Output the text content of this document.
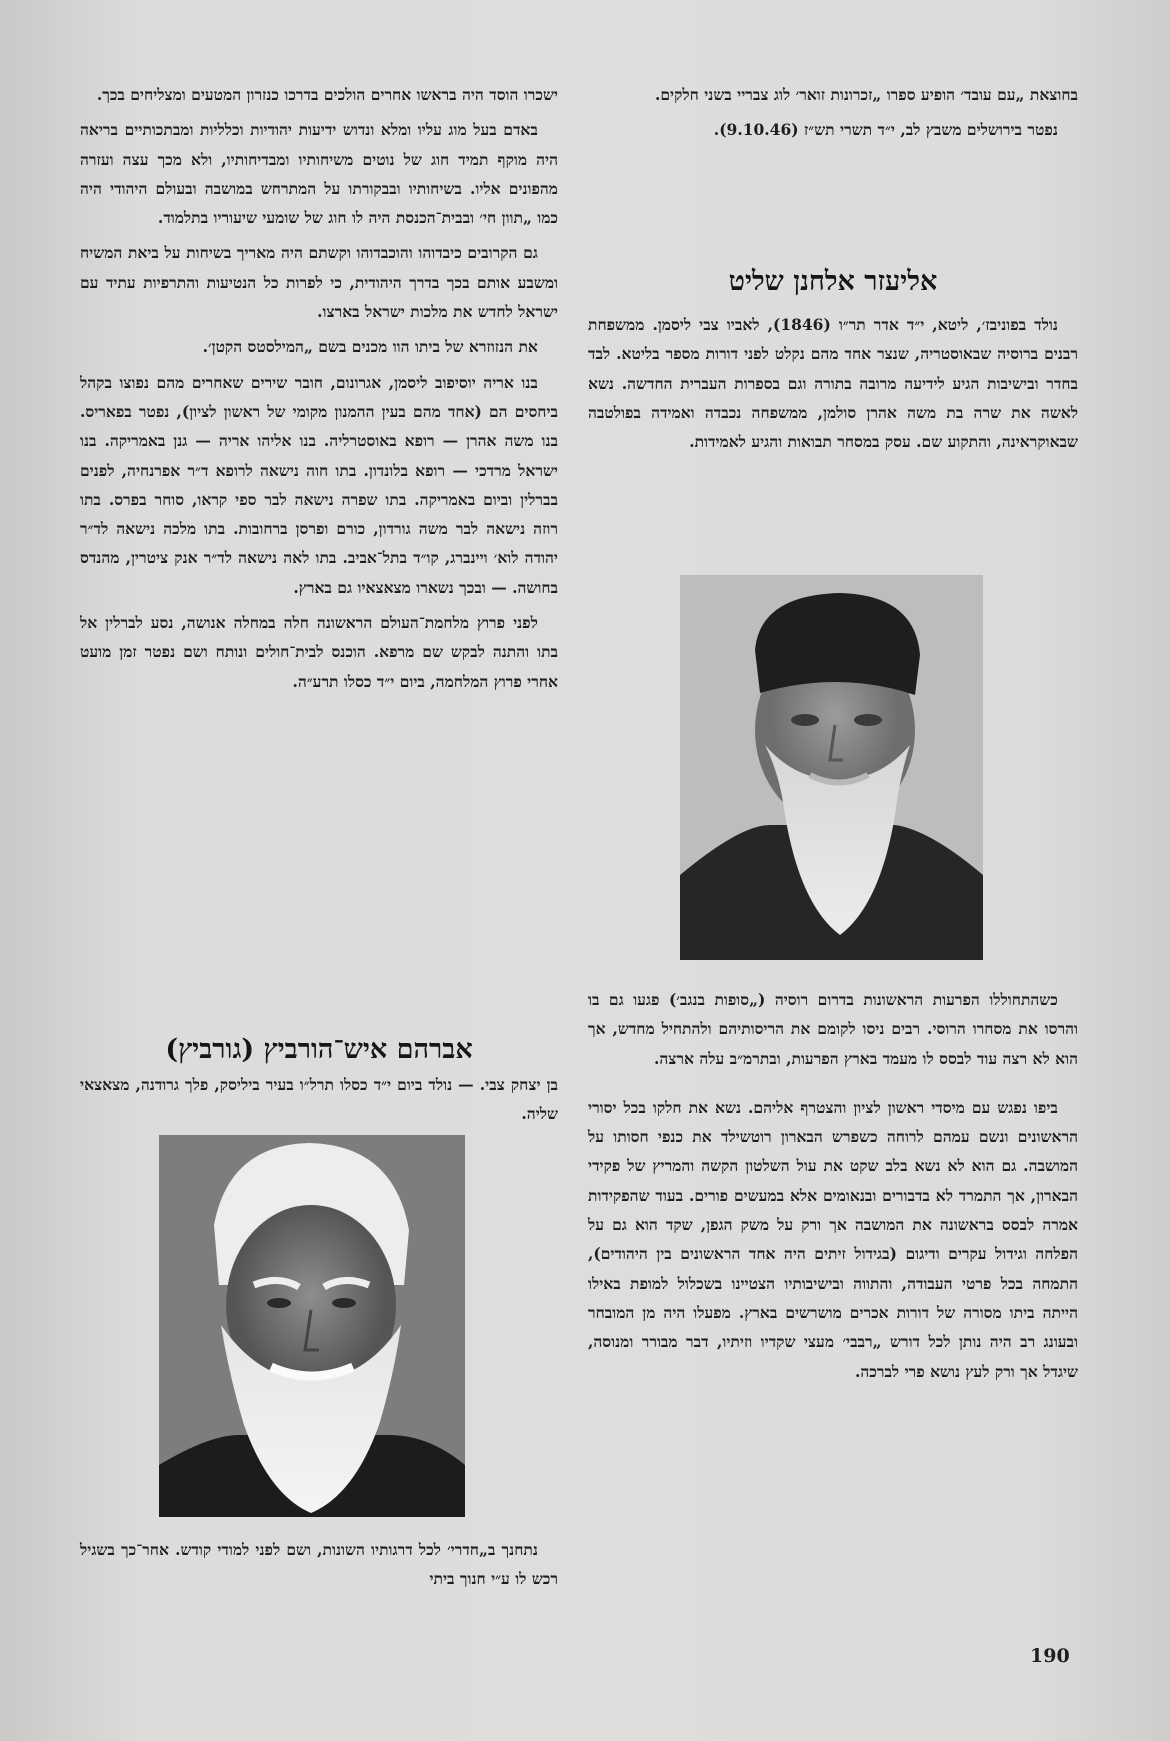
בחוצאת „עם עובד׳ הופיע ספרו „זכרונות זואר׳ לוג צבריי בשני חלקים.

נפטר בירושלים משבץ לב, י״ד תשרי תש״ז (9.10.46).

אליעזר אלחנן שליט

נולד בפוניבז׳, ליטא, י״ד אדר תר״ו (1846), לאביו צבי ליסמן. ממשפחת רבנים ברוסיה שבאוסטריה, שנצר אחד מהם נקלט לפני דורות מספר בליטא. לבד בחדר ובישיבות הגיע לידיעה מרובה בתורה וגם בספרות העברית החדשה. נשא לאשה את שרה בת משה אהרן סולמן, ממשפחה נכבדה ואמידה בפולטבה שבאוקראינה, והתקוע שם. עסק במסחר תבואות והגיע לאמידות.

כשהתחוללו הפרעות הראשונות בדרום רוסיה („סופות בנגב׳) פגעו גם בו והרסו את מסחרו הרוסי. רבים ניסו לקומם את הריסותיהם ולהתחיל מחדש, אך הוא לא רצה עוד לבסס לו מעמד בארץ הפרעות, ובתרמ״ב עלה ארצה.

ביפו נפגש עם מיסדי ראשון לציון והצטרף אליהם. נשא את חלקו בכל יסורי הראשונים ונשם עמהם לרוחה כשפרש הבארון רוטשילד את כנפי חסותו על המושבה. גם הוא לא נשא בלב שקט את עול השלטון הקשה והמריץ של פקידי הבארון, אך התמרד לא בדבורים ובנאומים אלא במעשים פורים. בעוד שהפקידות אמרה לבסס בראשונה את המושבה אך ורק על משק הגפן, שקד הוא גם על הפלחה וגידול עקרים ודיגום (בגידול זיתים היה אחד הראשונים בין היהודים), התמחה בכל פרטי העבודה, והתווה ובישיבותיו הצטיינו בשכלול למופת באילו הייתה ביתו מסורה של דורות אכרים מושרשים בארץ. מפעלו היה מן המובחר ובעונג רב היה נותן לכל דורש „רבבי׳ מעצי שקדיו וזיתיו, דבר מבורר ומנוסה, שיגדל אך ורק לעץ נושא פרי לברכה.

ישכרו הוסד היה בראשו אחרים הולכים בדרכו כנזרון המטעים ומצליחים בכך.

באדם בעל מוג עליו ומלא ונדוש ידיעות יהודיות וכלליות ומבתכותיים בריאה היה מוקף תמיד חוג של נוטים משיחותיו ומבדיחותיו, ולא מכך עצה ועזרה מהפונים אליו. בשיחותיו ובבקורתו על המתרחש במושבה ובעולם היהודי היה כמו „תוון חי׳ ובבית־הכנסת היה לו חוג של שומעי שיעוריו בתלמוד.

גם הקרובים כיבדוהו והוכבדוהו וקשתם היה מאריך בשיחות על ביאת המשיח ומשבע אותם בכך בדרך היהודית, כי לפרות כל הנטיעות והתרפיות עתיד עם ישראל לחדש את מלכות ישראל בארצו.

את הנזוזרא של ביתו הוו מכנים בשם „המילסטס הקטן׳.

בנו אריה יוסיפוב ליסמן, אגרונום, חובר שירים שאחרים מהם נפוצו בקהל ביחסים הם (אחד מהם בעין ההמנון מקומי של ראשון לציון), נפטר בפאריס. בנו משה אהרן — רופא באוסטרליה. בנו אליהו אריה — גנן באמריקה. בנו ישראל מרדכי — רופא בלונדון. בתו חוה נישאה לרופא ד״ר אפרנחיה, לפנים בברלין וביום באמריקה. בתו שפרה נישאה לבר ספי קראו, סוחר בפרס. בתו רוזה נישאה לבר משה גורדון, כורם ופרסן ברחובות. בתו מלכה נישאה לד״ר יהודה לוא׳ ויינברג, קו״ד בתל־אביב. בתו לאה נישאה לד״ר אנק ציטרין, מהנדס בחושה. — ובכך נשארו מצאצאיו גם בארץ.

לפני פרוץ מלחמת־העולם הראשונה חלה במחלה אנושה, נסע לברלין אל בתו והתנה לבקש שם מרפא. הוכנס לבית־חולים ונותח ושם נפטר זמן מועט אחרי פרוץ המלחמה, ביום י״ד כסלו תרע״ה.

אברהם איש־הורביץ (גורביץ)

בן יצחק צבי. — נולד ביום י״ד כסלו תרל״ו בעיר ביליסק, פלך גרודנה, מצאצאי שליה.

נתחנך ב„חדרי׳ לכל דרגותיו השונות, ושם לפני למודי קודש. אחר־כך בשגיל רכש לו ע״י חנוך ביתי

190
